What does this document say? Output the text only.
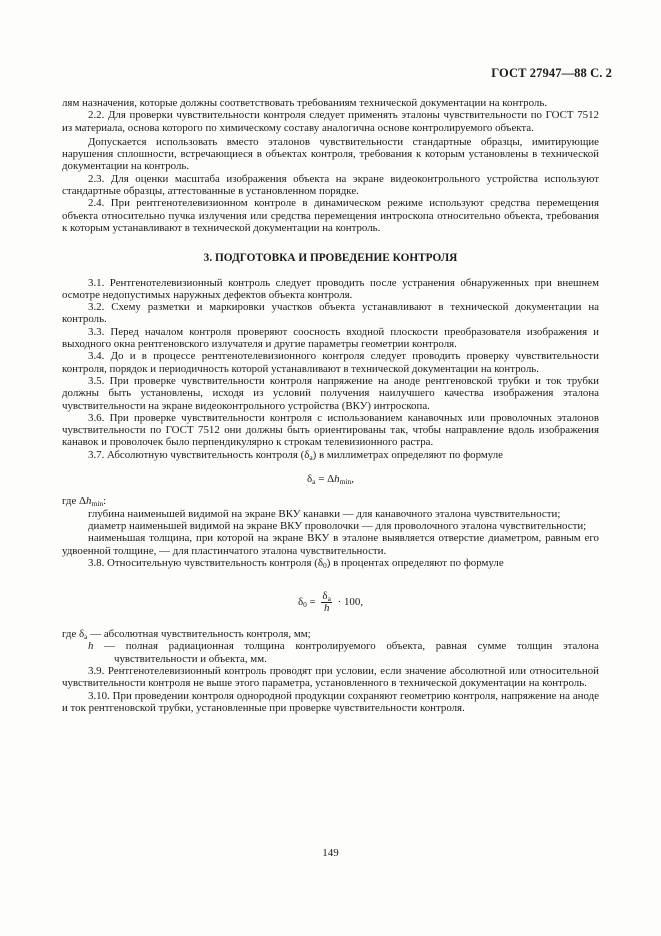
ГОСТ 27947—88 С. 2

лям назначения, которые должны соответствовать требованиям технической документации на контроль.

2.2. Для проверки чувствительности контроля следует применять эталоны чувствительности по ГОСТ 7512 из материала, основа которого по химическому составу аналогична основе контролируемого объекта.

Допускается использовать вместо эталонов чувствительности стандартные образцы, имитирующие нарушения сплошности, встречающиеся в объектах контроля, требования к которым установлены в технической документации на контроль.

2.3. Для оценки масштаба изображения объекта на экране видеоконтрольного устройства используют стандартные образцы, аттестованные в установленном порядке.

2.4. При рентгенотелевизионном контроле в динамическом режиме используют средства перемещения объекта относительно пучка излучения или средства перемещения интроскопа относительно объекта, требования к которым устанавливают в технической документации на контроль.

3. ПОДГОТОВКА И ПРОВЕДЕНИЕ КОНТРОЛЯ

3.1. Рентгенотелевизионный контроль следует проводить после устранения обнаруженных при внешнем осмотре недопустимых наружных дефектов объекта контроля.

3.2. Схему разметки и маркировки участков объекта устанавливают в технической документации на контроль.

3.3. Перед началом контроля проверяют соосность входной плоскости преобразователя изображения и выходного окна рентгеновского излучателя и другие параметры геометрии контроля.

3.4. До и в процессе рентгенотелевизионного контроля следует проводить проверку чувствительности контроля, порядок и периодичность которой устанавливают в технической документации на контроль.

3.5. При проверке чувствительности контроля напряжение на аноде рентгеновской трубки и ток трубки должны быть установлены, исходя из условий получения наилучшего качества изображения эталона чувствительности на экране видеоконтрольного устройства (ВКУ) интроскопа.

3.6. При проверке чувствительности контроля с использованием канавочных или проволочных эталонов чувствительности по ГОСТ 7512 они должны быть ориентированы так, чтобы направление вдоль изображения канавок и проволочек было перпендикулярно к строкам телевизионного растра.

3.7. Абсолютную чувствительность контроля $(\delta_а)$ в миллиметрах определяют по формуле

$\delta_a = \Delta h_{min}$,

где $\Delta h_{min}$:

глубина наименьшей видимой на экране ВКУ канавки — для канавочного эталона чувствительности;

диаметр наименьшей видимой на экране ВКУ проволочки — для проволочного эталона чувствительности;

наименьшая толщина, при которой на экране ВКУ в эталоне выявляется отверстие диаметром, равным его удвоенной толщине, — для пластинчатого эталона чувствительности.

3.8. Относительную чувствительность контроля $(\delta_0)$ в процентах определяют по формуле

$\delta_0 = \frac{\delta_a}{h} \cdot 100$,

где $\delta_a$ — абсолютная чувствительность контроля, мм;

h — полная радиационная толщина контролируемого объекта, равная сумме толщин эталона чувствительности и объекта, мм.

3.9. Рентгенотелевизионный контроль проводят при условии, если значение абсолютной или относительной чувствительности контроля не выше этого параметра, установленного в технической документации на контроль.

3.10. При проведении контроля однородной продукции сохраняют геометрию контроля, напряжение на аноде и ток рентгеновской трубки, установленные при проверке чувствительности контроля.

149
